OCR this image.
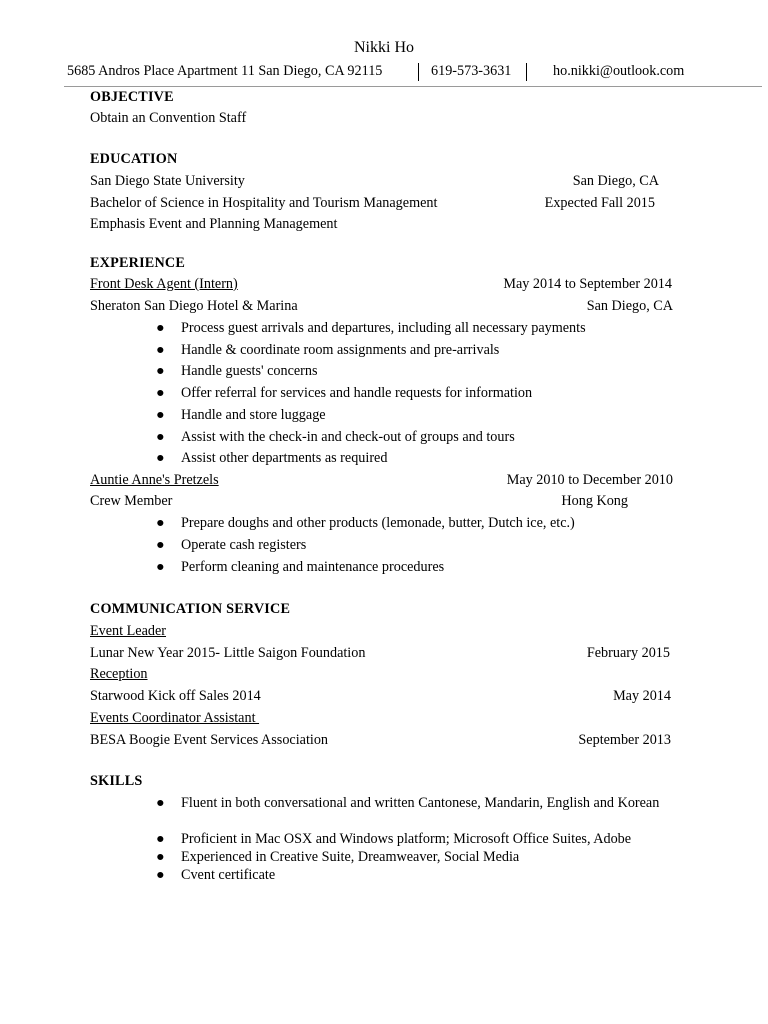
Nikki Ho
5685 Andros Place Apartment 11 San Diego, CA 92115	619-573-3631	ho.nikki@outlook.com
OBJECTIVE
Obtain an Convention Staff
EDUCATION
San Diego State University	San Diego, CA
Bachelor of Science in Hospitality and Tourism Management	Expected Fall 2015
Emphasis Event and Planning Management
EXPERIENCE
Front Desk Agent (Intern)	May 2014 to September 2014
Sheraton San Diego Hotel & Marina	San Diego, CA
● Process guest arrivals and departures, including all necessary payments
● Handle & coordinate room assignments and pre-arrivals
● Handle guests' concerns
● Offer referral for services and handle requests for information
● Handle and store luggage
● Assist with the check-in and check-out of groups and tours
● Assist other departments as required
Auntie Anne's Pretzels	May 2010 to December 2010
Crew Member	Hong Kong
● Prepare doughs and other products (lemonade, butter, Dutch ice, etc.)
● Operate cash registers
● Perform cleaning and maintenance procedures
COMMUNICATION SERVICE
Event Leader
Lunar New Year 2015- Little Saigon Foundation	February 2015
Reception
Starwood Kick off Sales 2014	May 2014
Events Coordinator Assistant
BESA Boogie Event Services Association	September 2013
SKILLS
● Fluent in both conversational and written Cantonese, Mandarin, English and Korean
● Proficient in Mac OSX and Windows platform; Microsoft Office Suites, Adobe
● Experienced in Creative Suite, Dreamweaver, Social Media
● Cvent certificate
